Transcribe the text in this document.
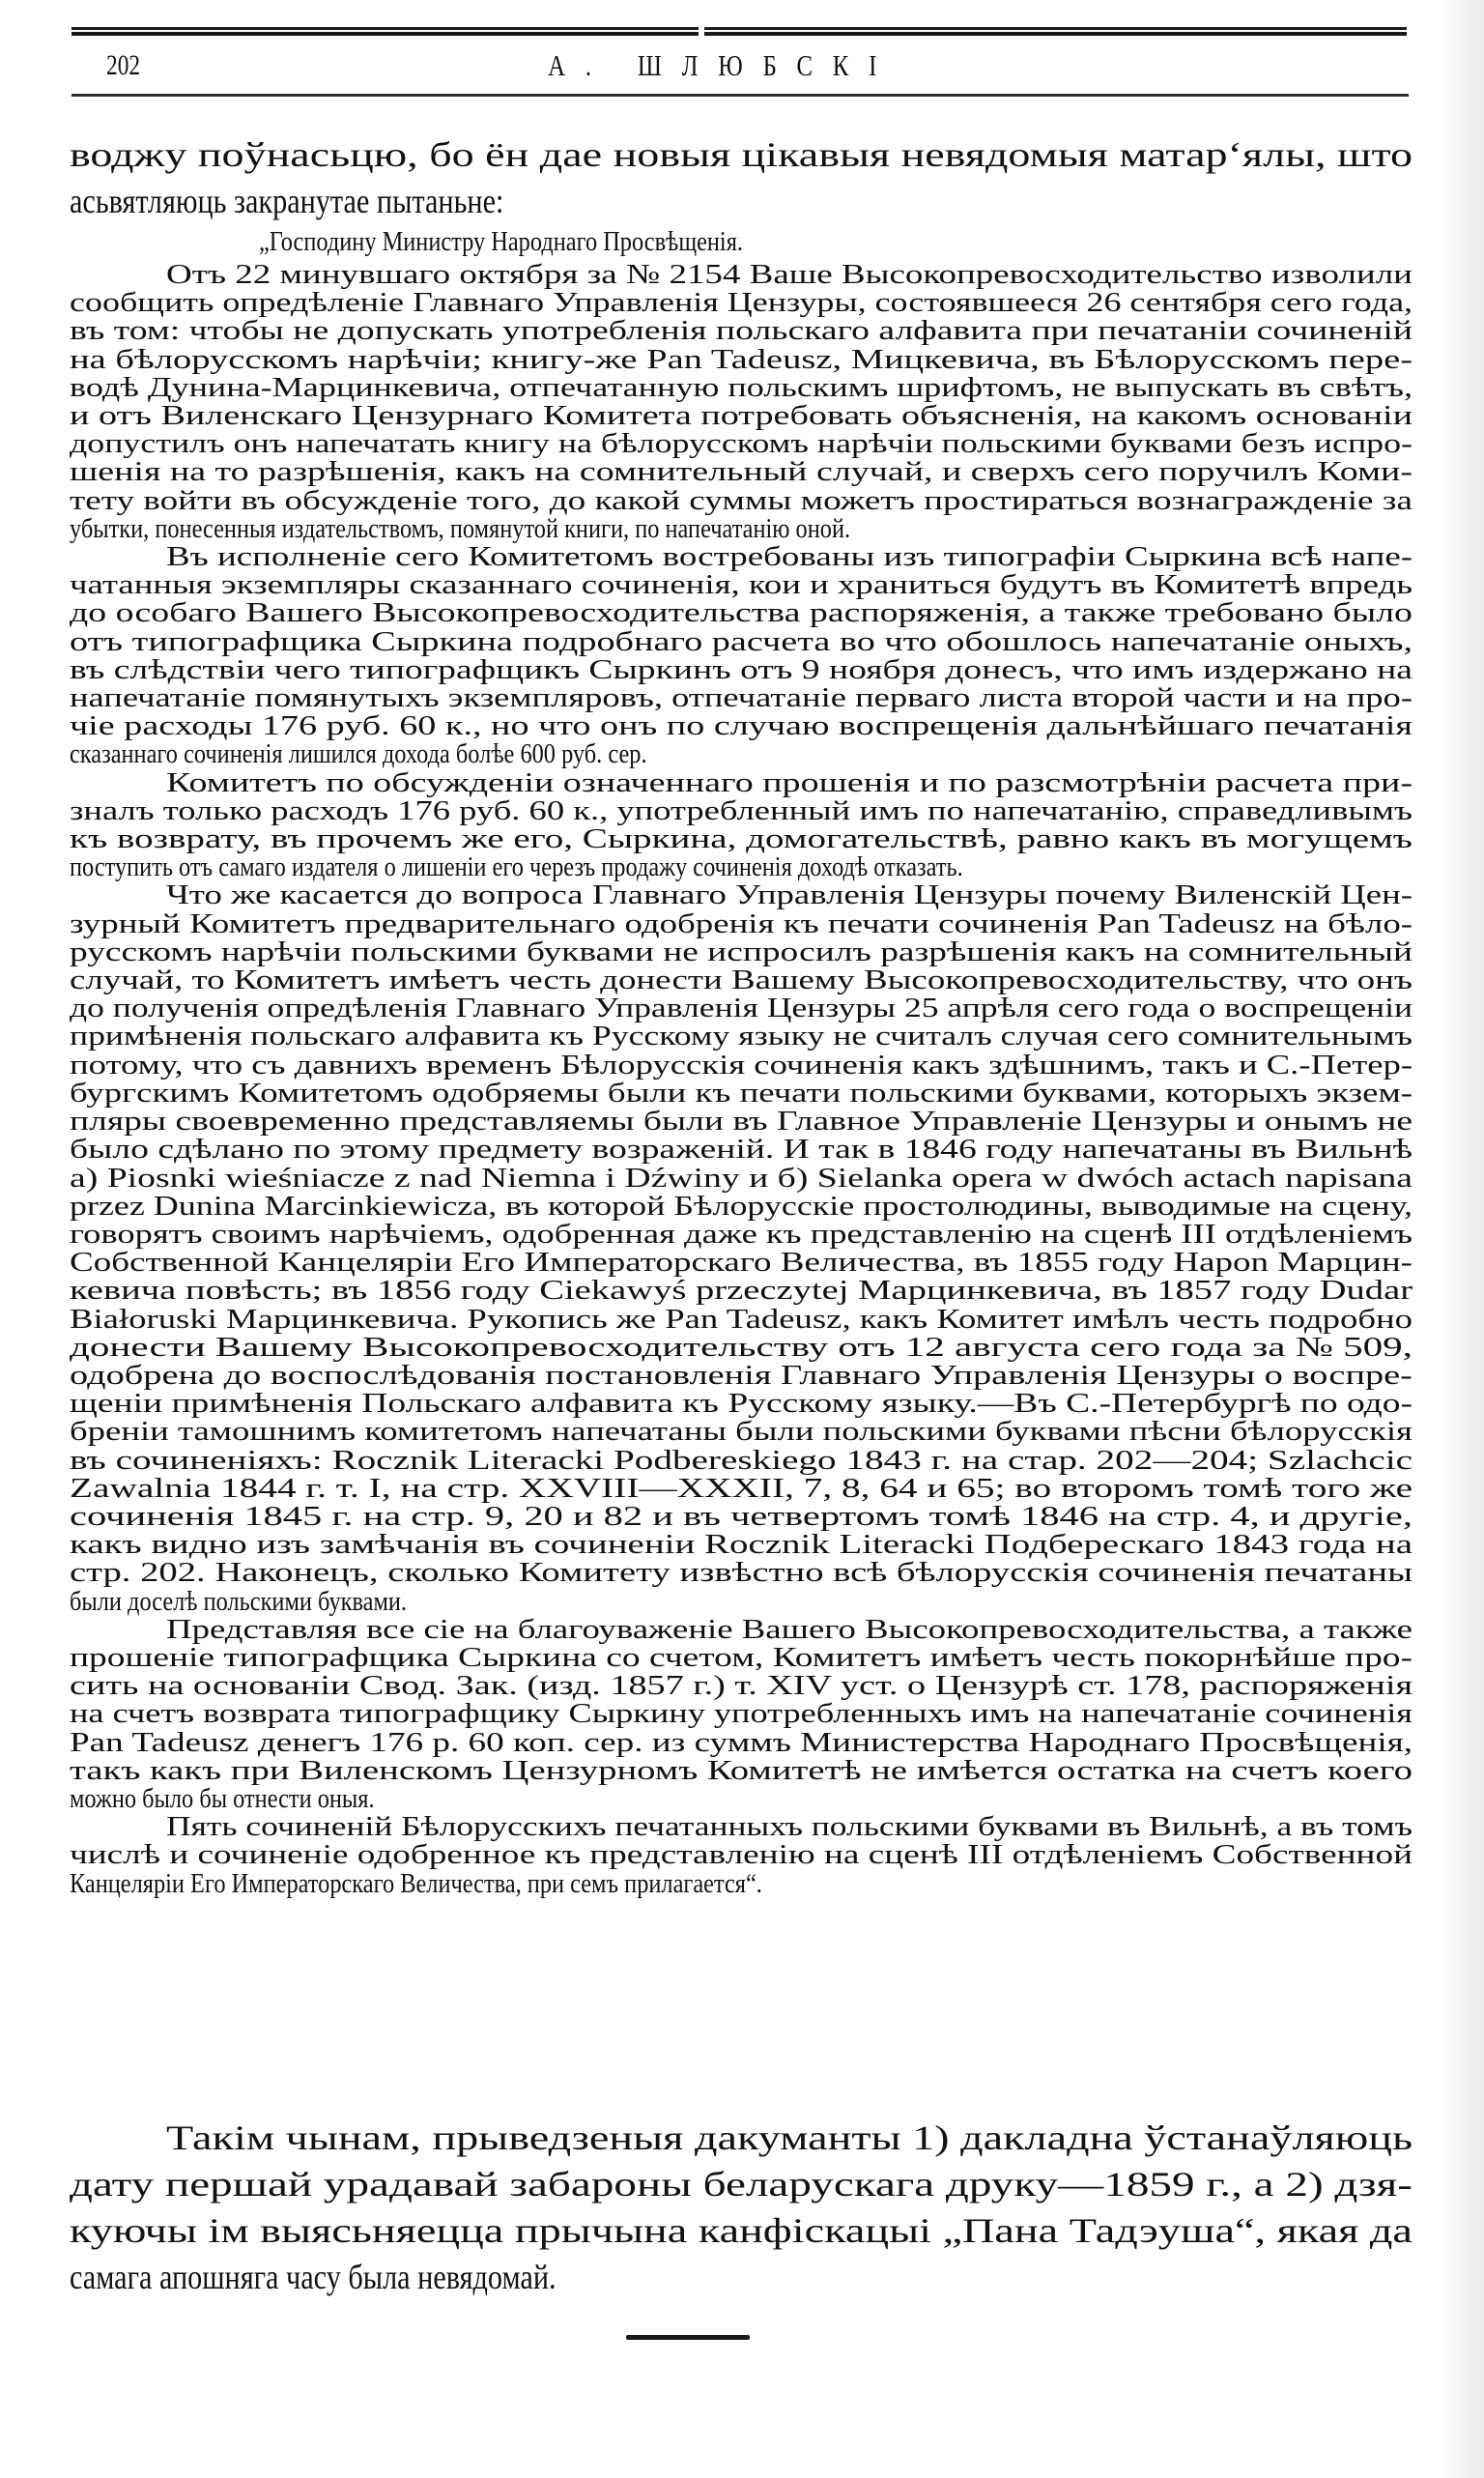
202	А. ШЛЮБСКІ
воджу поўнасьцю, бо ён дае новыя цікавыя невядомыя матар‘ялы, што
асьвятляюць закранутае пытаньне:
„Господину Министру Народнаго Просвѣщенія.
Отъ 22 минувшаго октября за № 2154 Ваше Высокопревосходительство изволили
сообщить опредѣленіе Главнаго Управленія Цензуры, состоявшееся 26 сентября сего года,
въ том: чтобы не допускать употребленія польскаго алфавита при печатаніи сочиненій
на бѣлорусскомъ нарѣчіи; книгу-же Pan Tadeusz, Мицкевича, въ Бѣлорусскомъ пере-
водѣ Дунина-Марцинкевича, отпечатанную польскимъ шрифтомъ, не выпускать въ свѣтъ,
и отъ Виленскаго Цензурнаго Комитета потребовать объясненія, на какомъ основаніи
допустилъ онъ напечатать книгу на бѣлорусскомъ нарѣчіи польскими буквами безъ испро-
шенія на то разрѣшенія, какъ на сомнительный случай, и сверхъ сего поручилъ Коми-
тету войти въ обсужденіе того, до какой суммы можетъ простираться вознагражденіе за
убытки, понесенныя издательствомъ, помянутой книги, по напечатанію оной.
Въ исполненіе сего Комитетомъ востребованы изъ типографіи Сыркина всѣ напе-
чатанныя экземпляры сказаннаго сочиненія, кои и храниться будутъ въ Комитетѣ впредь
до особаго Вашего Высокопревосходительства распоряженія, а также требовано было
отъ типографщика Сыркина подробнаго расчета во что обошлось напечатаніе оныхъ,
въ слѣдствіи чего типографщикъ Сыркинъ отъ 9 ноября донесъ, что имъ издержано на
напечатаніе помянутыхъ экземпляровъ, отпечатаніе перваго листа второй части и на про-
чіе расходы 176 руб. 60 к., но что онъ по случаю воспрещенія дальнѣйшаго печатанія
сказаннаго сочиненія лишился дохода болѣе 600 руб. сер.
Комитетъ по обсужденіи означеннаго прошенія и по разсмотрѣніи расчета при-
зналъ только расходъ 176 руб. 60 к., употребленный имъ по напечатанію, справедливымъ
къ возврату, въ прочемъ же его, Сыркина, домогательствѣ, равно какъ въ могущемъ
поступить отъ самаго издателя о лишеніи его черезъ продажу сочиненія доходѣ отказать.
Что же касается до вопроса Главнаго Управленія Цензуры почему Виленскій Цен-
зурный Комитетъ предварительнаго одобренія къ печати сочиненія Pan Tadeusz на бѣло-
русскомъ нарѣчіи польскими буквами не испросилъ разрѣшенія какъ на сомнительный
случай, то Комитетъ имѣетъ честь донести Вашему Высокопревосходительству, что онъ
до полученія опредѣленія Главнаго Управленія Цензуры 25 апрѣля сего года о воспрещеніи
примѣненія польскаго алфавита къ Русскому языку не считалъ случая сего сомнительнымъ
потому, что съ давнихъ временъ Бѣлорусскія сочиненія какъ здѣшнимъ, такъ и С.-Петер-
бургскимъ Комитетомъ одобряемы были къ печати польскими буквами, которыхъ экзем-
пляры своевременно представляемы были въ Главное Управленіе Цензуры и онымъ не
было сдѣлано по этому предмету возраженій. И так в 1846 году напечатаны въ Вильнѣ
а) Piosnki wieśniacze z nad Niemna i Dźwiny и б) Sielanka opera w dwóch actach napisana
przez Dunina Marcinkiewicza, въ которой Бѣлорусскіе простолюдины, выводимые на сцену,
говорятъ своимъ нарѣчіемъ, одобренная даже къ представленію на сценѣ III отдѣленіемъ
Собственной Канцеляріи Его Императорскаго Величества, въ 1855 году Hapon Марцин-
кевича повѣсть; въ 1856 году Ciekawyś przeczytej Марцинкевича, въ 1857 году Dudar
Białoruski Марцинкевича. Рукопись же Pan Tadeusz, какъ Комитет имѣлъ честь подробно
донести Вашему Высокопревосходительству отъ 12 августа сего года за № 509,
одобрена до воспослѣдованія постановленія Главнаго Управленія Цензуры о воспре-
щеніи примѣненія Польскаго алфавита къ Русскому языку.—Въ С.-Петербургѣ по одо-
бреніи тамошнимъ комитетомъ напечатаны были польскими буквами пѣсни бѣлорусскія
въ сочиненіяхъ: Rocznik Literacki Podbereskiego 1843 г. на стар. 202—204; Szlachcic
Zawalnia 1844 г. т. I, на стр. XXVIII—XXXII, 7, 8, 64 и 65; во второмъ томѣ того же
сочиненія 1845 г. на стр. 9, 20 и 82 и въ четвертомъ томѣ 1846 на стр. 4, и другіе,
какъ видно изъ замѣчанія въ сочиненіи Rocznik Literacki Подберескаго 1843 года на
стр. 202. Наконецъ, сколько Комитету извѣстно всѣ бѣлорусскія сочиненія печатаны
были доселѣ польскими буквами.
Представляя все сіе на благоуваженіе Вашего Высокопревосходительства, а также
прошеніе типографщика Сыркина со счетом, Комитетъ имѣетъ честь покорнѣйше про-
сить на основаніи Свод. Зак. (изд. 1857 г.) т. XIV уст. о Цензурѣ ст. 178, распоряженія
на счетъ возврата типографщику Сыркину употребленныхъ имъ на напечатаніе сочиненія
Pan Tadeusz денегъ 176 р. 60 коп. сер. из суммъ Министерства Народнаго Просвѣщенія,
такъ какъ при Виленскомъ Цензурномъ Комитетѣ не имѣется остатка на счетъ коего
можно было бы отнести оныя.
Пять сочиненій Бѣлорусскихъ печатанныхъ польскими буквами въ Вильнѣ, а въ томъ
числѣ и сочиненіе одобренное къ представленію на сценѣ III отдѣленіемъ Собственной
Канцеляріи Его Императорскаго Величества, при семъ прилагается“.
Такім чынам, прыведзеныя дакуманты 1) дакладна ўстанаўляюць
дату першай урадавай забароны беларускага друку—1859 г., а 2) дзя-
куючы ім выясьняецца прычына канфіскацыі „Пана Тадэуша“, якая да
самага апошняга часу была невядомай.
